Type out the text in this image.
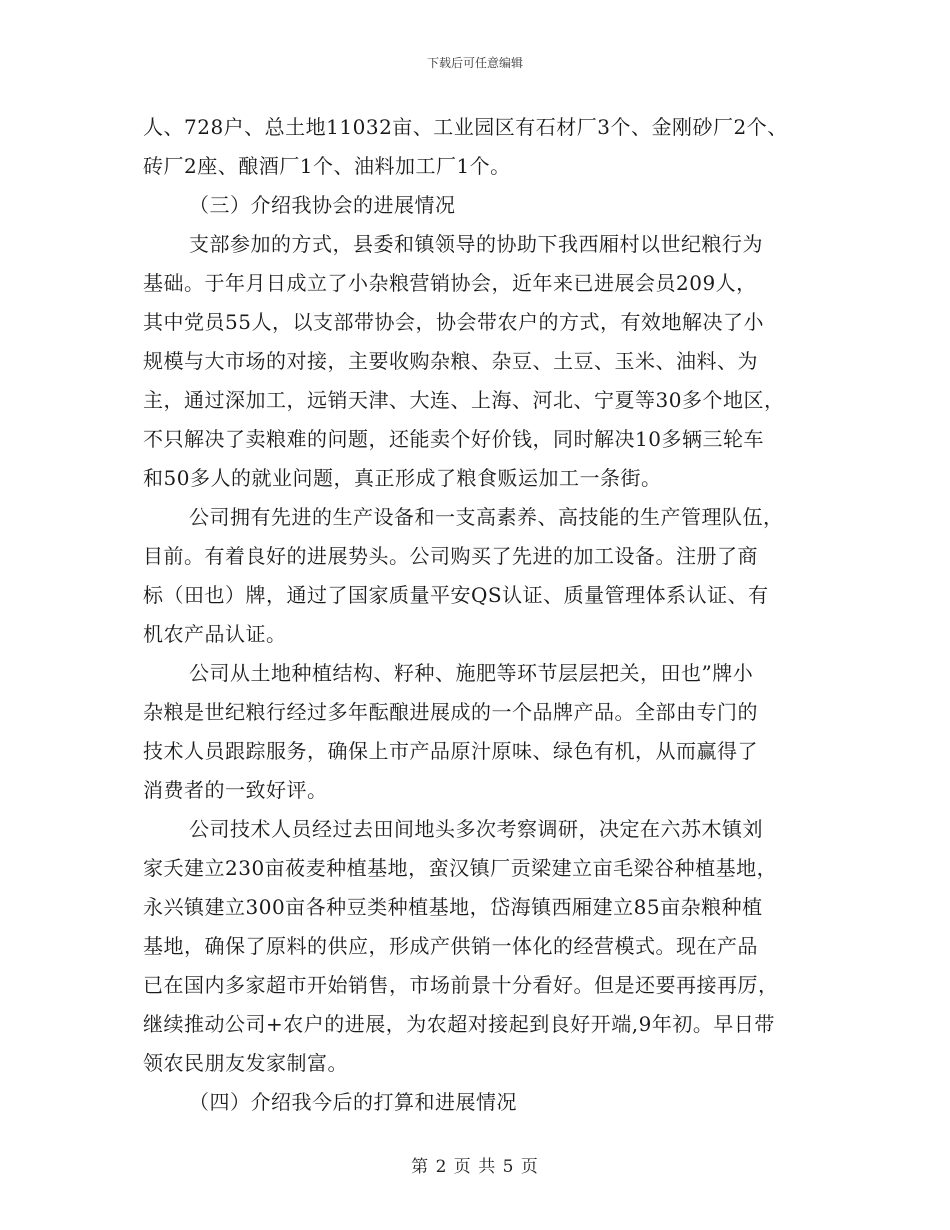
下载后可任意编辑
人、728户、总土地11032亩、工业园区有石材厂3个、金刚砂厂2个、
砖厂2座、酿酒厂1个、油料加工厂1个。
（三）介绍我协会的进展情况
支部参加的方式，县委和镇领导的协助下我西厢村以世纪粮行为
基础。于年月日成立了小杂粮营销协会，近年来已进展会员209人，
其中党员55人，以支部带协会，协会带农户的方式，有效地解决了小
规模与大市场的对接，主要收购杂粮、杂豆、土豆、玉米、油料、为
主，通过深加工，远销天津、大连、上海、河北、宁夏等30多个地区，
不只解决了卖粮难的问题，还能卖个好价钱，同时解决10多辆三轮车
和50多人的就业问题，真正形成了粮食贩运加工一条街。
公司拥有先进的生产设备和一支高素养、高技能的生产管理队伍，
目前。有着良好的进展势头。公司购买了先进的加工设备。注册了商
标（田也）牌，通过了国家质量平安QS认证、质量管理体系认证、有
机农产品认证。
公司从土地种植结构、籽种、施肥等环节层层把关，田也”牌小
杂粮是世纪粮行经过多年酝酿进展成的一个品牌产品。全部由专门的
技术人员跟踪服务，确保上市产品原汁原味、绿色有机，从而赢得了
消费者的一致好评。
公司技术人员经过去田间地头多次考察调研，决定在六苏木镇刘
家夭建立230亩莜麦种植基地，蛮汉镇厂贡梁建立亩毛梁谷种植基地，
永兴镇建立300亩各种豆类种植基地，岱海镇西厢建立85亩杂粮种植
基地，确保了原料的供应，形成产供销一体化的经营模式。现在产品
已在国内多家超市开始销售，市场前景十分看好。但是还要再接再厉，
继续推动公司+农户的进展，为农超对接起到良好开端,9年初。早日带
领农民朋友发家制富。
（四）介绍我今后的打算和进展情况
第 2 页 共 5 页
